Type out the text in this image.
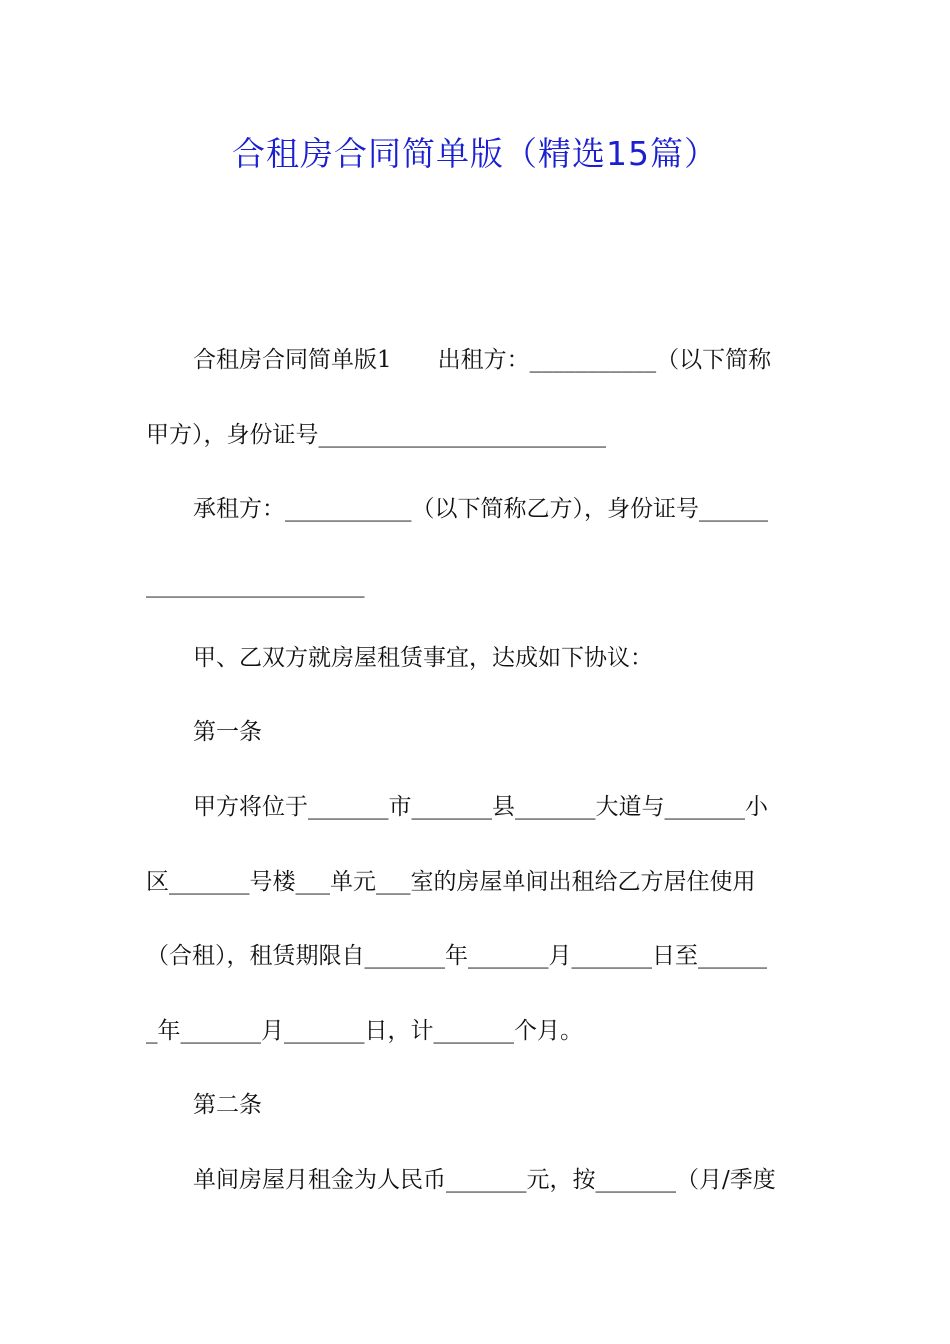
合租房合同简单版（精选15篇）
合租房合同简单版1　　出租方：___________（以下简称
甲方），身份证号_________________________
承租方：___________（以下简称乙方），身份证号______
___________________
甲、乙双方就房屋租赁事宜，达成如下协议：
第一条
甲方将位于_______市_______县_______大道与_______小
区_______号楼___单元___室的房屋单间出租给乙方居住使用
（合租），租赁期限自_______年_______月_______日至______
_年_______月_______日，计_______个月。
第二条
单间房屋月租金为人民币_______元，按_______（月/季度
